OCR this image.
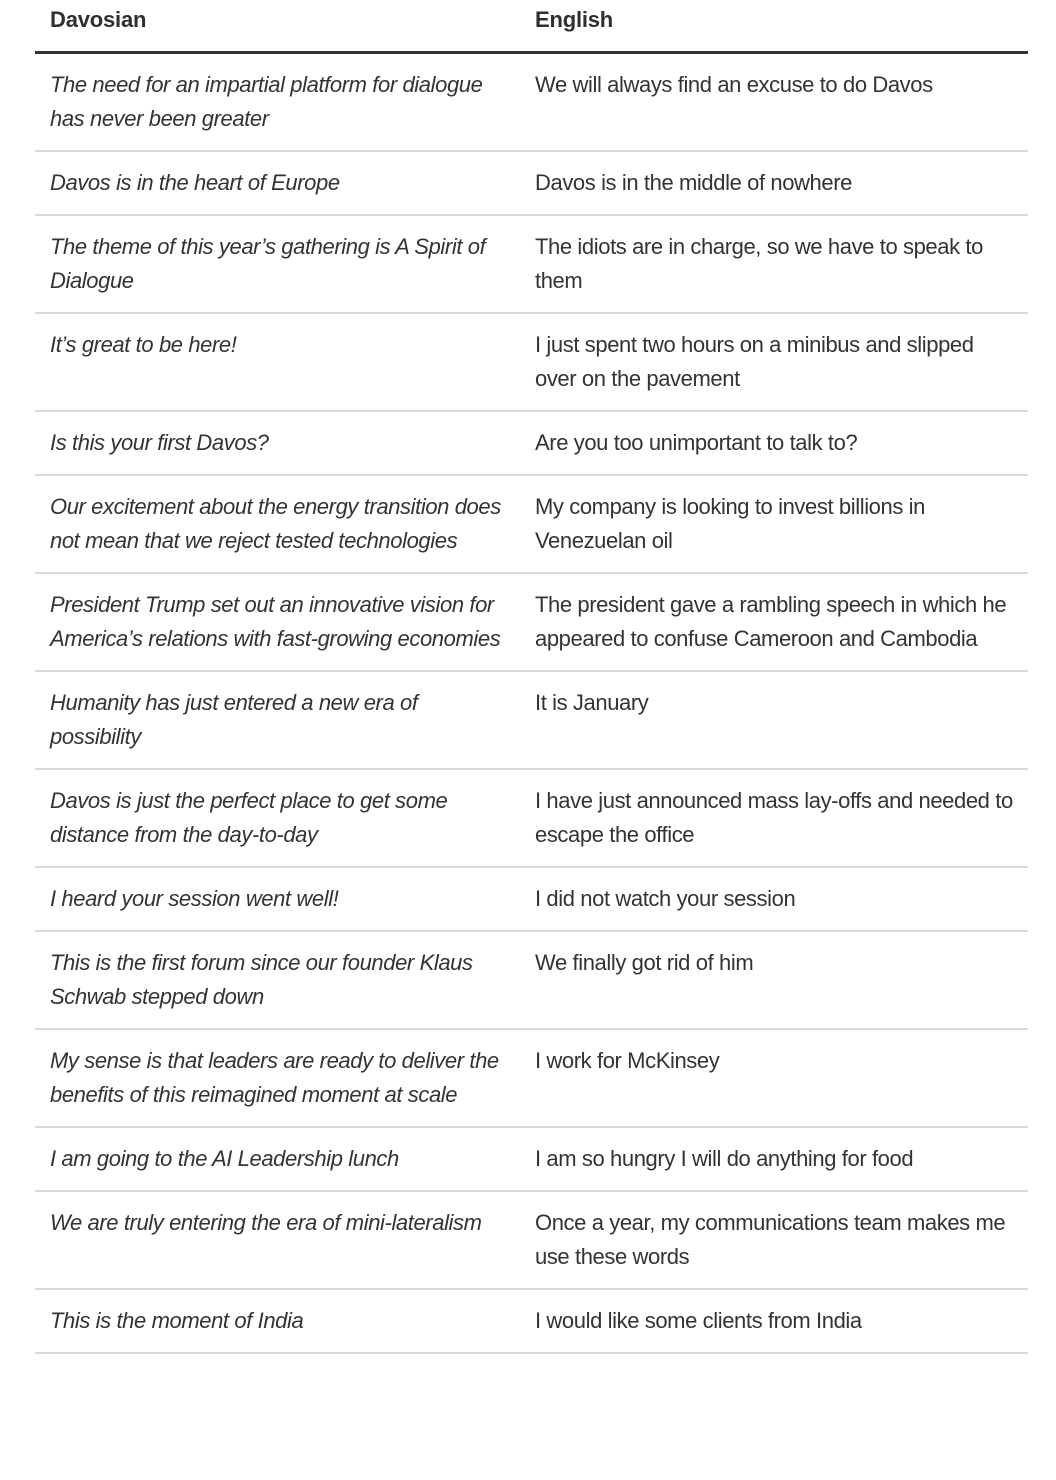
Davosian	English
The need for an impartial platform for dialogue has never been greater	We will always find an excuse to do Davos
Davos is in the heart of Europe	Davos is in the middle of nowhere
The theme of this year’s gathering is A Spirit of Dialogue	The idiots are in charge, so we have to speak to them
It’s great to be here!	I just spent two hours on a minibus and slipped over on the pavement
Is this your first Davos?	Are you too unimportant to talk to?
Our excitement about the energy transition does not mean that we reject tested technologies	My company is looking to invest billions in Venezuelan oil
President Trump set out an innovative vision for America’s relations with fast-growing economies	The president gave a rambling speech in which he appeared to confuse Cameroon and Cambodia
Humanity has just entered a new era of possibility	It is January
Davos is just the perfect place to get some distance from the day-to-day	I have just announced mass lay-offs and needed to escape the office
I heard your session went well!	I did not watch your session
This is the first forum since our founder Klaus Schwab stepped down	We finally got rid of him
My sense is that leaders are ready to deliver the benefits of this reimagined moment at scale	I work for McKinsey
I am going to the AI Leadership lunch	I am so hungry I will do anything for food
We are truly entering the era of mini-lateralism	Once a year, my communications team makes me use these words
This is the moment of India	I would like some clients from India
